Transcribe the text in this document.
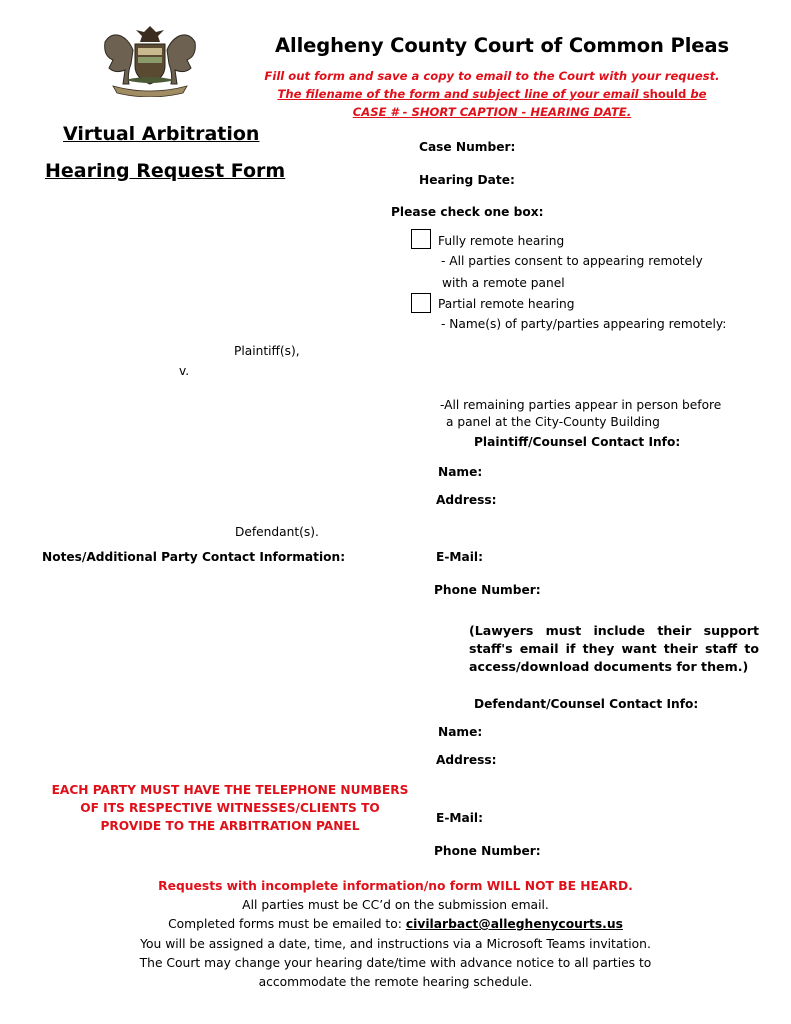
Allegheny County Court of Common Pleas
Fill out form and save a copy to email to the Court with your request.
The filename of the form and subject line of your email should be
CASE # - SHORT CAPTION - HEARING DATE.
Virtual Arbitration
Hearing Request Form
Case Number:
Hearing Date:
Please check one box:
Fully remote hearing
- All parties consent to appearing remotely
with a remote panel
Partial remote hearing
- Name(s) of party/parties appearing remotely:
-All remaining parties appear in person before
a panel at the City-County Building
Plaintiff(s),
v.
Defendant(s).
Notes/Additional Party Contact Information:
Plaintiff/Counsel Contact Info:
Name:
Address:
E-Mail:
Phone Number:
(Lawyers must include their support
staff's email if they want their staff to
access/download documents for them.)
Defendant/Counsel Contact Info:
Name:
Address:
E-Mail:
Phone Number:
EACH PARTY MUST HAVE THE TELEPHONE NUMBERS
OF ITS RESPECTIVE WITNESSES/CLIENTS TO
PROVIDE TO THE ARBITRATION PANEL
Requests with incomplete information/no form WILL NOT BE HEARD.
All parties must be CC’d on the submission email.
Completed forms must be emailed to: civilarbact@alleghenycourts.us
You will be assigned a date, time, and instructions via a Microsoft Teams invitation.
The Court may change your hearing date/time with advance notice to all parties to
accommodate the remote hearing schedule.
